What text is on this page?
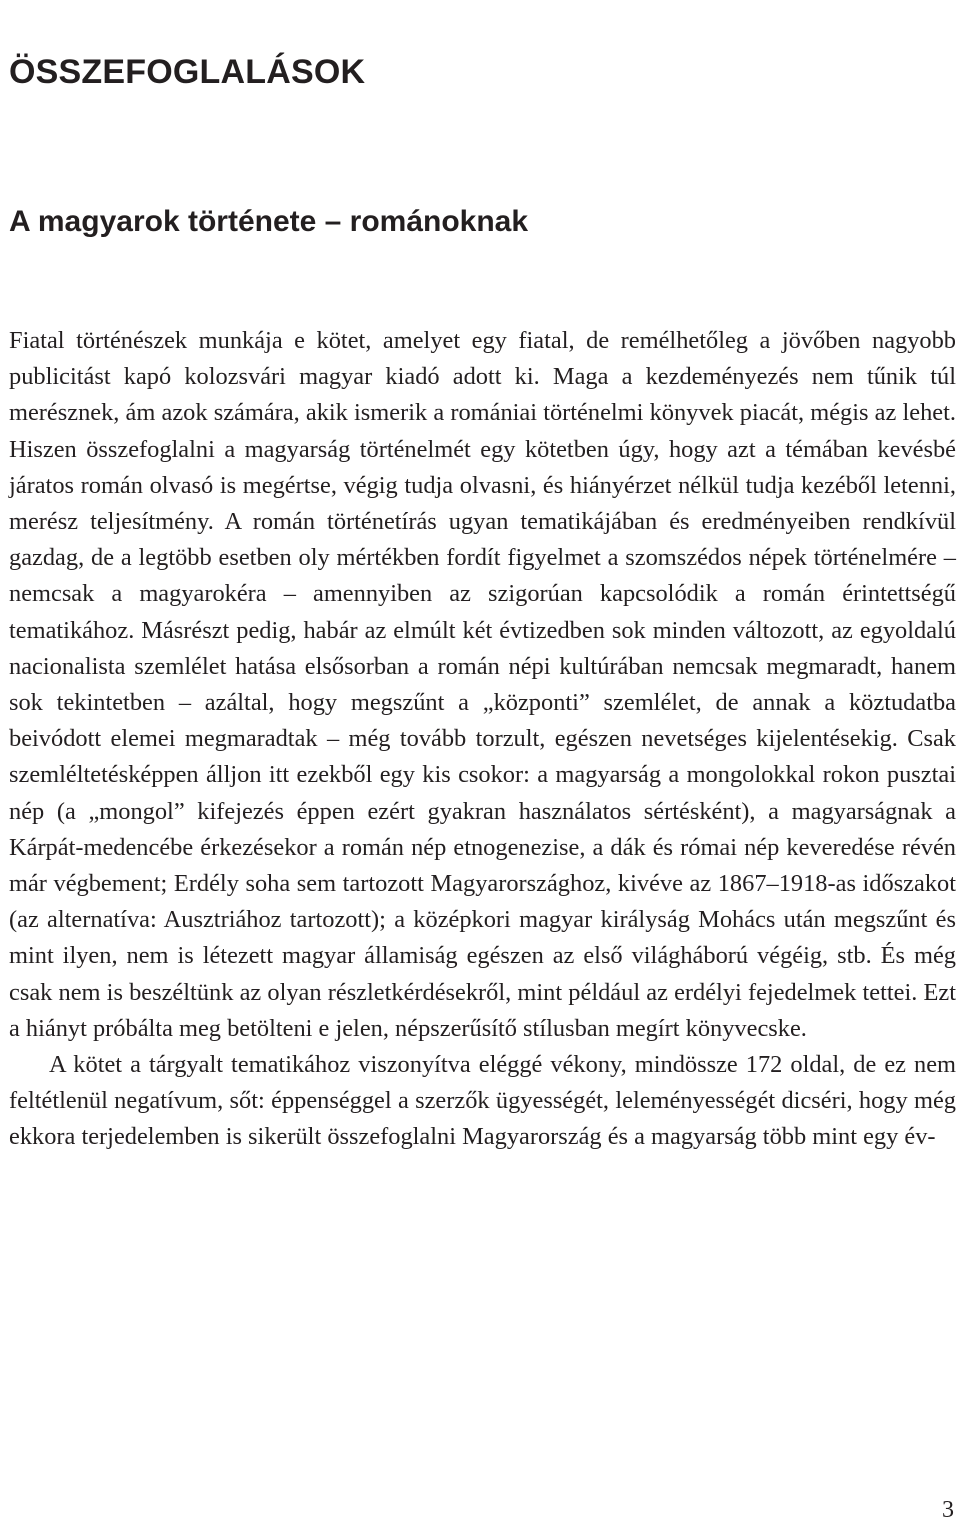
ÖSSZEFOGLALÁSOK
A magyarok története – románoknak

Fiatal történészek munkája e kötet, amelyet egy fiatal, de remélhetőleg a jövőben nagyobb publicitást kapó kolozsvári magyar kiadó adott ki. Maga a kezdeményezés nem tűnik túl merésznek, ám azok számára, akik ismerik a romániai történelmi könyvek piacát, mégis az lehet. Hiszen összefoglalni a magyarság történelmét egy kötetben úgy, hogy azt a témában kevésbé járatos román olvasó is megértse, végig tudja olvasni, és hiányérzet nélkül tudja kezéből letenni, merész teljesítmény. A román történetírás ugyan tematikájában és eredményeiben rendkívül gazdag, de a legtöbb esetben oly mértékben fordít figyelmet a szomszédos népek történelmére – nemcsak a magyarokéra – amennyiben az szigorúan kapcsolódik a román érintettségű tematikához. Másrészt pedig, habár az elmúlt két évtizedben sok minden változott, az egyoldalú nacionalista szemlélet hatása elsősorban a román népi kultúrában nemcsak megmaradt, hanem sok tekintetben – azáltal, hogy megszűnt a „központi” szemlélet, de annak a köztudatba beivódott elemei megmaradtak – még tovább torzult, egészen nevetséges kijelentésekig. Csak szemléltetésképpen álljon itt ezekből egy kis csokor: a magyarság a mongolokkal rokon pusztai nép (a „mongol” kifejezés éppen ezért gyakran használatos sértésként), a magyarságnak a Kárpát-medencébe érkezésekor a román nép etnogenezise, a dák és római nép keveredése révén már végbement; Erdély soha sem tartozott Magyarországhoz, kivéve az 1867–1918-as időszakot (az alternatíva: Ausztriához tartozott); a középkori magyar királyság Mohács után megszűnt és mint ilyen, nem is létezett magyar államiság egészen az első világháború végéig, stb. És még csak nem is beszéltünk az olyan részletkérdésekről, mint például az erdélyi fejedelmek tettei. Ezt a hiányt próbálta meg betölteni e jelen, népszerűsítő stílusban megírt könyvecske.

A kötet a tárgyalt tematikához viszonyítva eléggé vékony, mindössze 172 oldal, de ez nem feltétlenül negatívum, sőt: éppenséggel a szerzők ügyességét, leleményességét dicséri, hogy még ekkora terjedelemben is sikerült összefoglalni Magyarország és a magyarság több mint egy év-

3
